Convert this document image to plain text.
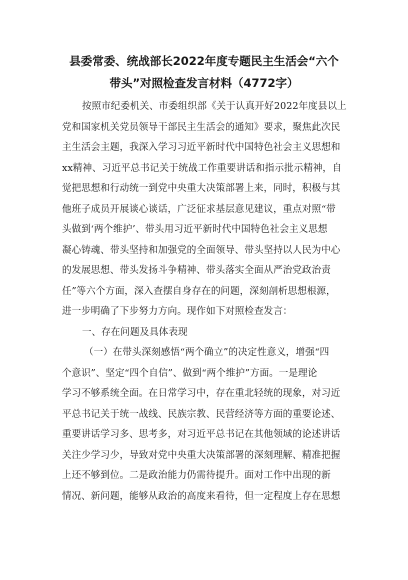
县委常委、统战部长2022年度专题民主生活会“六个
带头”对照检查发言材料（4772字）
按照市纪委机关、市委组织部《关于认真开好2022年度县以上
党和国家机关党员领导干部民主生活会的通知》要求，聚焦此次民
主生活会主题，我深入学习习近平新时代中国特色社会主义思想和
xx精神、习近平总书记关于统战工作重要讲话和指示批示精神，自
觉把思想和行动统一到党中央重大决策部署上来，同时，积极与其
他班子成员开展谈心谈话，广泛征求基层意见建议，重点对照“带
头做到‘两个维护’、带头用习近平新时代中国特色社会主义思想
凝心铸魂、带头坚持和加强党的全面领导、带头坚持以人民为中心
的发展思想、带头发扬斗争精神、带头落实全面从严治党政治责
任”等六个方面，深入查摆自身存在的问题，深刻剖析思想根源，
进一步明确了下步努力方向。现作如下对照检查发言：
一、存在问题及具体表现
（一）在带头深刻感悟“两个确立”的决定性意义，增强“四
个意识”、坚定“四个自信”、做到“两个维护”方面。一是理论
学习不够系统全面。在日常学习中，存在重北轻统的现象，对习近
平总书记关于统一战线、民族宗教、民营经济等方面的重要论述、
重要讲话学习多、思考多，对习近平总书记在其他领域的论述讲话
关注少学习少，导致对党中央重大决策部署的深刻理解、精准把握
上还不够到位。二是政治能力仍需待提升。面对工作中出现的新
情况、新问题，能够从政治的高度来看待，但一定程度上存在思想
